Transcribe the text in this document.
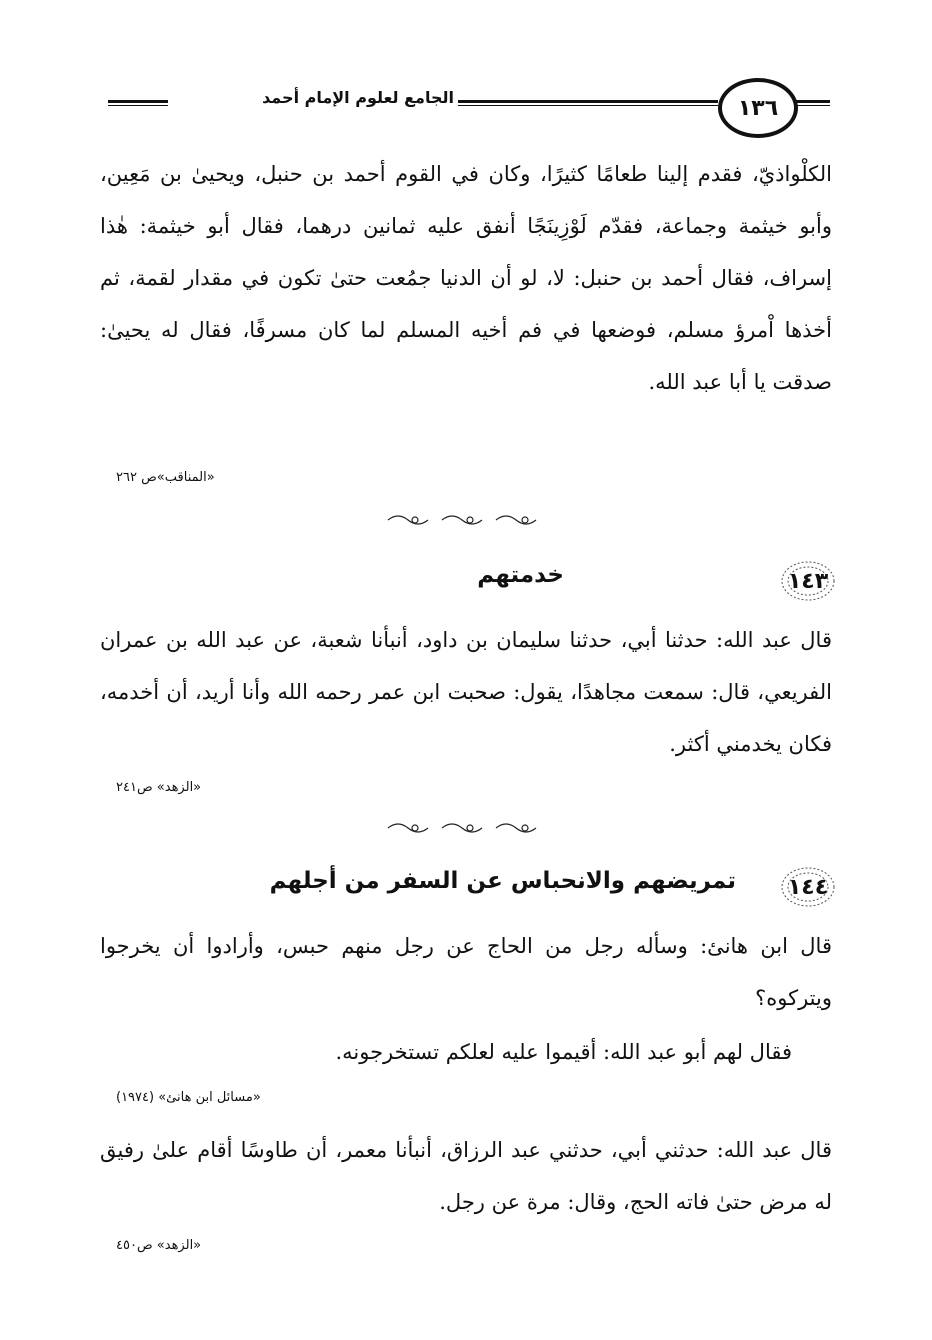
١٣٦
الجامع لعلوم الإمام أحمد

الكلْواذيّ، فقدم إلينا طعامًا كثيرًا، وكان في القوم أحمد بن حنبل، ويحيىٰ بن مَعِين، وأبو خيثمة وجماعة، فقدّم لَوْزِينَجًا أنفق عليه ثمانين درهما، فقال أبو خيثمة: هٰذا إسراف، فقال أحمد بن حنبل: لا، لو أن الدنيا جمُعت حتىٰ تكون في مقدار لقمة، ثم أخذها اْمرؤ مسلم، فوضعها في فم أخيه المسلم لما كان مسرفًا، فقال له يحيىٰ: صدقت يا أبا عبد الله.

«المناقب»ص ٢٦٢
١٤٣
خدمتهم

قال عبد الله: حدثنا أبي، حدثنا سليمان بن داود، أنبأنا شعبة، عن عبد الله بن عمران الفريعي، قال: سمعت مجاهدًا، يقول: صحبت ابن عمر رحمه الله وأنا أريد، أن أخدمه، فكان يخدمني أكثر.

«الزهد» ص٢٤١
١٤٤
تمريضهم والانحباس عن السفر من أجلهم

قال ابن هانئ: وسأله رجل من الحاج عن رجل منهم حبس، وأرادوا أن يخرجوا ويتركوه؟

فقال لهم أبو عبد الله: أقيموا عليه لعلكم تستخرجونه.

«مسائل ابن هانئ» (١٩٧٤)

قال عبد الله: حدثني أبي، حدثني عبد الرزاق، أنبأنا معمر، أن طاوسًا أقام علىٰ رفيق له مرض حتىٰ فاته الحج، وقال: مرة عن رجل.

«الزهد» ص٤٥٠
